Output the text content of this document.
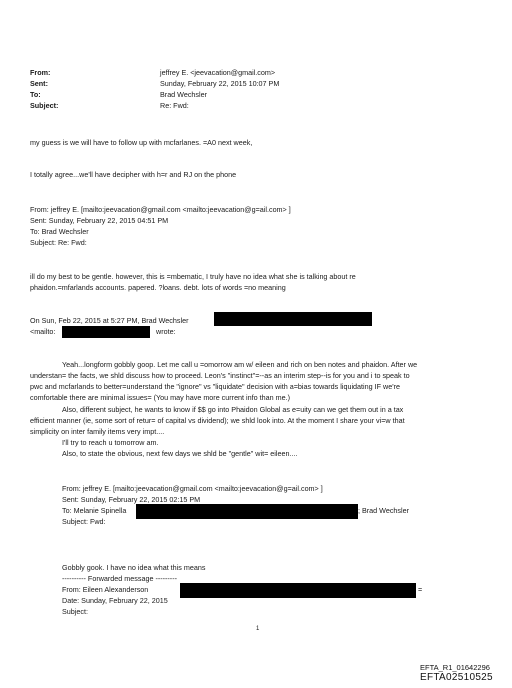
From:	jeffrey E. <jeevacation@gmail.com>
Sent:	Sunday, February 22, 2015 10:07 PM
To:	Brad Wechsler
Subject:	Re: Fwd:
my guess is we will have to follow up with mcfarlanes. =A0 next week,
I totally agree...we'll have decipher with h=r and RJ on the phone
From: jeffrey E. [mailto:jeevacation@gmail.com <mailto:jeevacation@g=ail.com> ]
Sent: Sunday, February 22, 2015 04:51 PM
To: Brad Wechsler
Subject: Re: Fwd:
ill do my best to be gentle. however, this is =mbematic, I truly have no idea what she is talking about re
phaidon.=mfarlands accounts. papered. ?loans. debt. lots of words =no meaning
On Sun, Feb 22, 2015 at 5:27 PM, Brad Wechsler
<mailto:	wrote:
Yeah...longform gobbly goop. Let me call u =omorrow am w/ eileen and rich on ben notes and phaidon. After we
understan= the facts, we shld discuss how to proceed. Leon's "instinct"=--as an interim step--is for you and i to speak to
pwc and mcfarlands to better=understand the "ignore" vs "liquidate" decision with a=bias towards liquidating IF we're
comfortable there are minimal issues= (You may have more current info than me.)
Also, different subject, he wants to know if $$ go into Phaidon Global as e=uity can we get them out in a tax
efficient manner (ie, some sort of retur= of capital vs dividend); we shld look into. At the moment I share your vi=w that
simplicity on inter family items very impt....
I'll try to reach u tomorrow am.
Also, to state the obvious, next few days we shld be "gentle" wit= eileen....
From: jeffrey E. [mailto:jeevacation@gmail.com <mailto:jeevacation@g=ail.com> ]
Sent: Sunday, February 22, 2015 02:15 PM
To: Melanie Spinella	; Brad Wechsler
Subject: Fwd:
Gobbly gook. I have no idea what this means
---------- Forwarded message ---------
From: Eileen Alexanderson	=
Date: Sunday, February 22, 2015
Subject:
1
EFTA_R1_01642296
EFTA02510525
